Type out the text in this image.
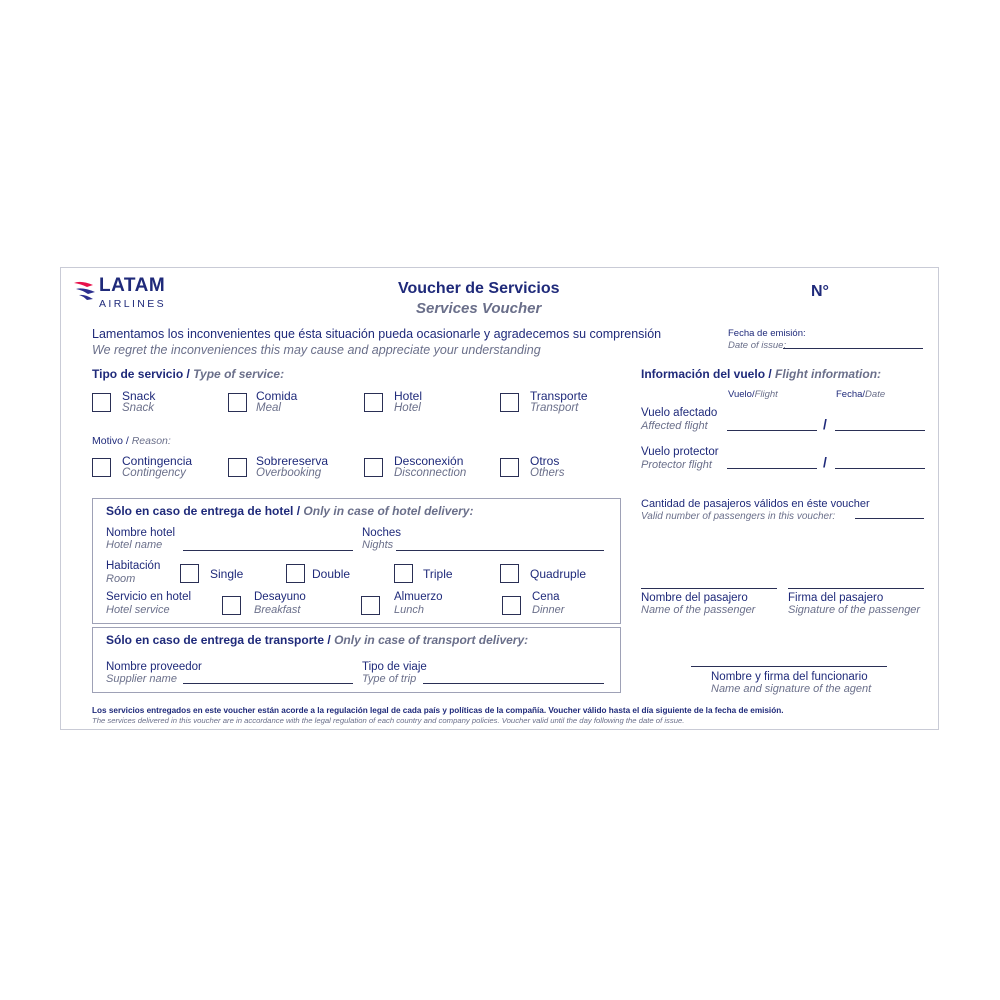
LATAM
AIRLINES
Voucher de Servicios
Services Voucher
N°
Lamentamos los inconvenientes que ésta situación pueda ocasionarle y agradecemos su comprensión
We regret the inconveniences this may cause and appreciate your understanding
Fecha de emisión:
Date of issue:
Tipo de servicio / Type of service:
Snack
Snack
Comida
Meal
Hotel
Hotel
Transporte
Transport
Motivo / Reason:
Contingencia
Contingency
Sobrereserva
Overbooking
Desconexión
Disconnection
Otros
Others
Sólo en caso de entrega de hotel / Only in case of hotel delivery:
Nombre hotel
Hotel name
Noches
Nights
Habitación
Room	Single	Double	Triple	Quadruple
Servicio en hotel
Hotel service
Desayuno
Breakfast
Almuerzo
Lunch
Cena
Dinner
Sólo en caso de entrega de transporte / Only in case of transport delivery:
Nombre proveedor
Supplier name
Tipo de viaje
Type of trip
Información del vuelo / Flight information:
Vuelo/Flight	Fecha/Date
Vuelo afectado
Affected flight	/
Vuelo protector
Protector flight	/
Cantidad de pasajeros válidos en éste voucher
Valid number of passengers in this voucher:
Nombre del pasajero
Name of the passenger
Firma del pasajero
Signature of the passenger
Nombre y firma del funcionario
Name and signature of the agent
Los servicios entregados en este voucher están acorde a la regulación legal de cada país y políticas de la compañía. Voucher válido hasta el día siguiente de la fecha de emisión.
The services delivered in this voucher are in accordance with the legal regulation of each country and company policies. Voucher valid until the day following the date of issue.
